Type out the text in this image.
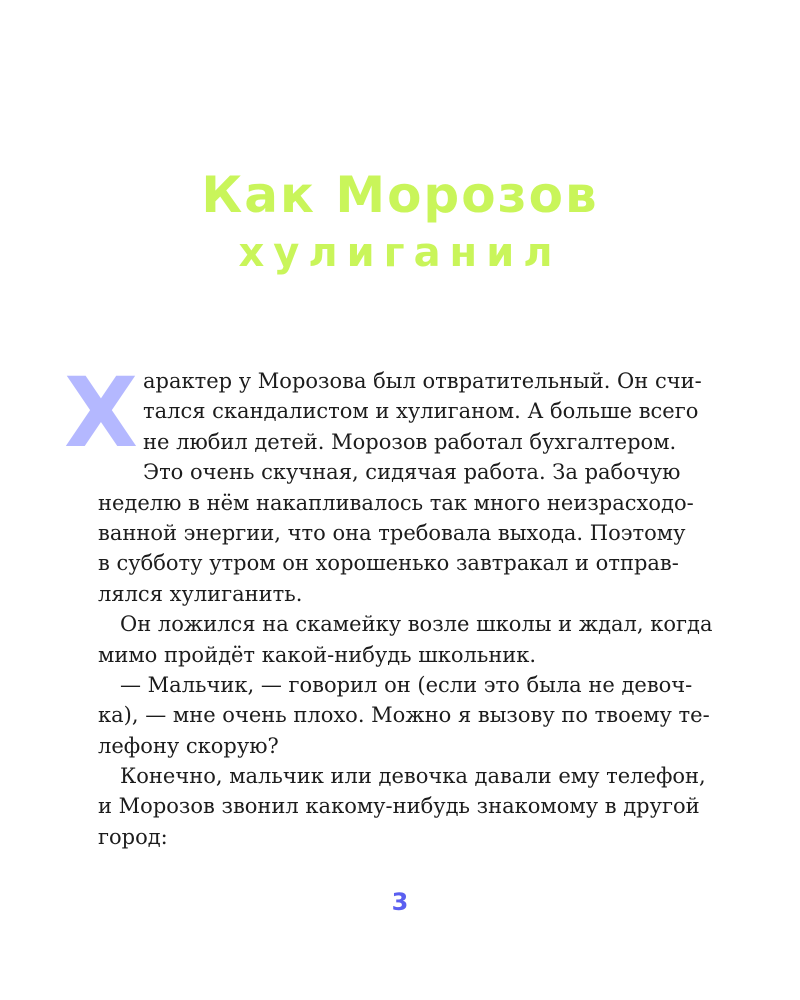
Как Морозов
хулиганил
Х арактер у Морозова был отвратительный. Он счи-
тался скандалистом и хулиганом. А больше всего
не любил детей. Морозов работал бухгалтером.
Это очень скучная, сидячая работа. За рабочую
неделю в нём накапливалось так много неизрасходо-
ванной энергии, что она требовала выхода. Поэтому
в субботу утром он хорошенько завтракал и отправ-
лялся хулиганить.
Он ложился на скамейку возле школы и ждал, когда
мимо пройдёт какой-нибудь школьник.
— Мальчик, — говорил он (если это была не девоч-
ка), — мне очень плохо. Можно я вызову по твоему те-
лефону скорую?
Конечно, мальчик или девочка давали ему телефон,
и Морозов звонил какому-нибудь знакомому в другой
город:
3
